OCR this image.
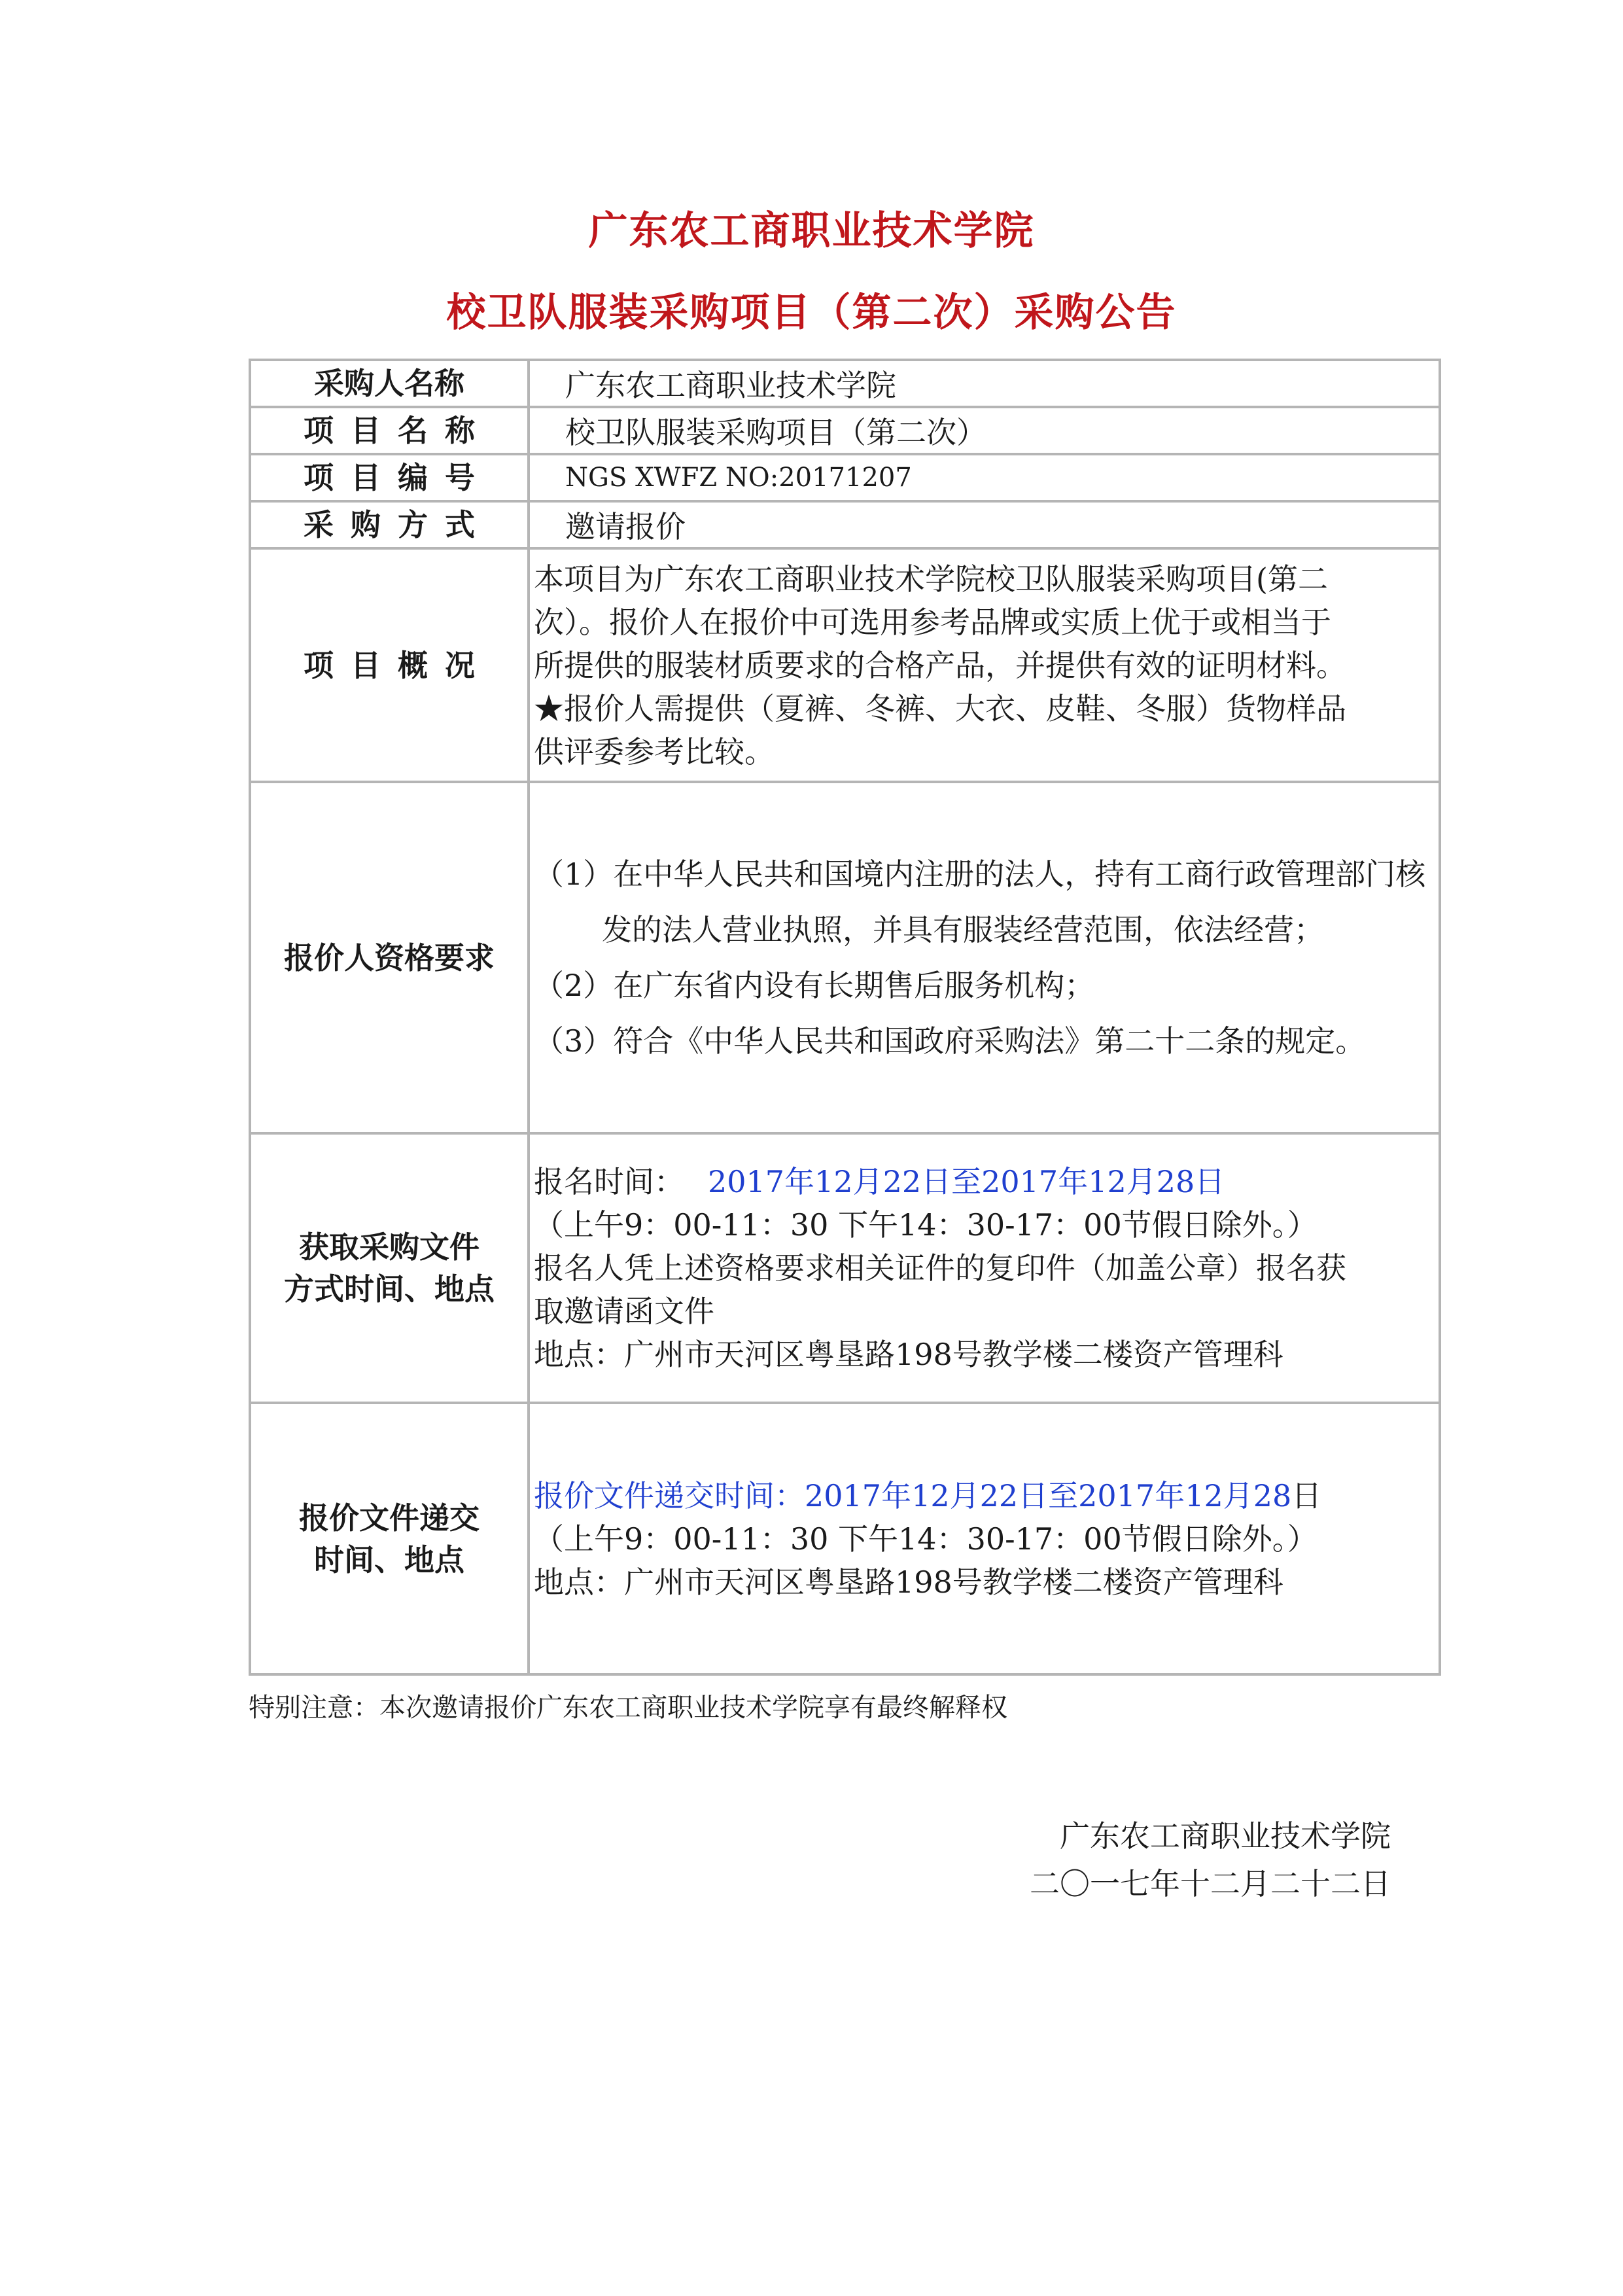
广东农工商职业技术学院
校卫队服装采购项目（第二次）采购公告
采购人名称	广东农工商职业技术学院
项目名称	校卫队服装采购项目（第二次）
项目编号	NGS XWFZ NO:20171207
采购方式	邀请报价
项目概况	本项目为广东农工商职业技术学院校卫队服装采购项目(第二
次）。报价人在报价中可选用参考品牌或实质上优于或相当于
所提供的服装材质要求的合格产品，并提供有效的证明材料。
★报价人需提供（夏裤、冬裤、大衣、皮鞋、冬服）货物样品
供评委参考比较。

报价人资格要求	（1）在中华人民共和国境内注册的法人，持有工商行政管理部门核发的法人营业执照，并具有服装经营范围，依法经营；
（2）在广东省内设有长期售后服务机构；
（3）符合《中华人民共和国政府采购法》第二十二条的规定。

获取采购文件
方式时间、地点	报名时间： 2017年12月22日至2017年12月28日
（上午9：00-11：30 下午14：30-17：00节假日除外。）
报名人凭上述资格要求相关证件的复印件（加盖公章）报名获
取邀请函文件
地点：广州市天河区粤垦路198号教学楼二楼资产管理科

报价文件递交
时间、地点	报价文件递交时间：2017年12月22日至2017年12月28日
（上午9：00-11：30 下午14：30-17：00节假日除外。）
地点：广州市天河区粤垦路198号教学楼二楼资产管理科
特别注意：本次邀请报价广东农工商职业技术学院享有最终解释权
广东农工商职业技术学院
二〇一七年十二月二十二日
